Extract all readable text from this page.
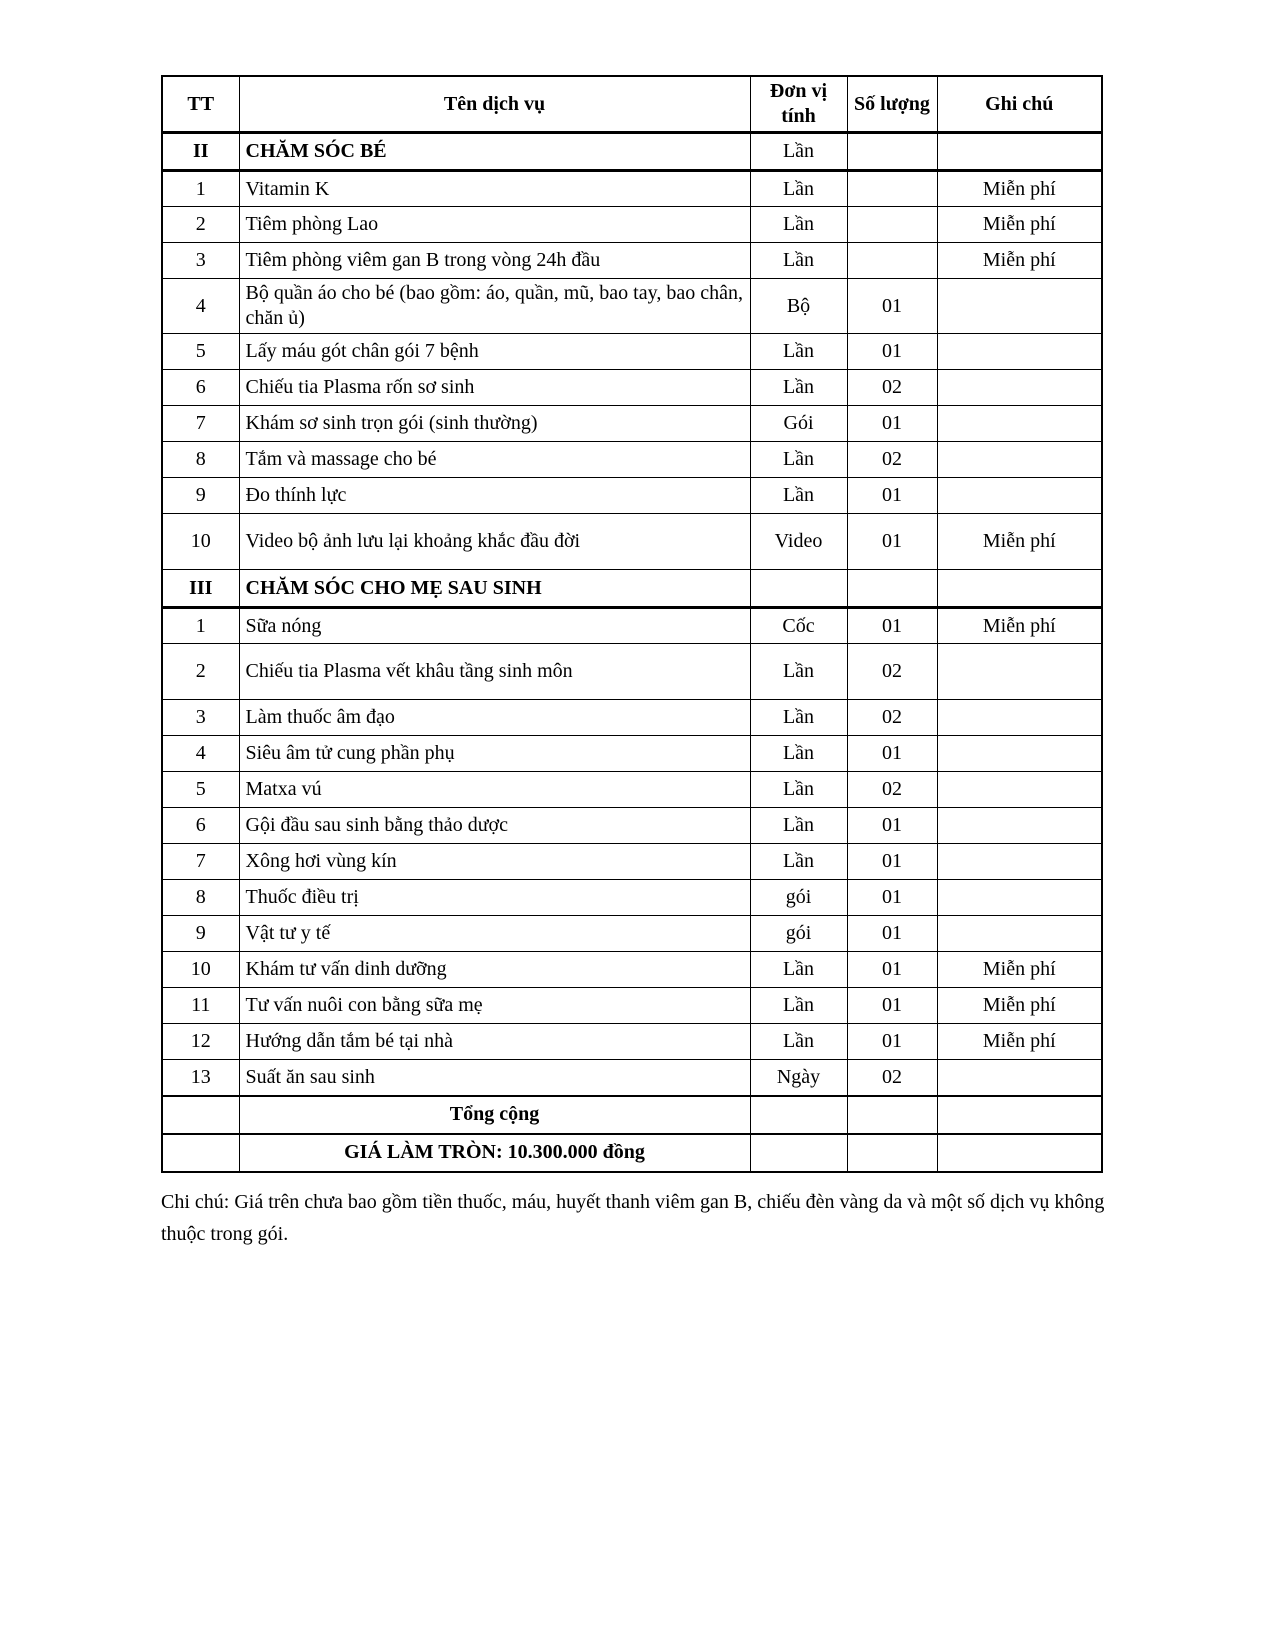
TT	Tên dịch vụ	Đơn vị tính	Số lượng	Ghi chú
II	CHĂM SÓC BÉ	Lần		
1	Vitamin K	Lần		Miễn phí
2	Tiêm phòng Lao	Lần		Miễn phí
3	Tiêm phòng viêm gan B trong vòng 24h đầu	Lần		Miễn phí
4	Bộ quần áo cho bé (bao gồm: áo, quần, mũ, bao tay, bao chân, chăn ủ)	Bộ	01	
5	Lấy máu gót chân gói 7 bệnh	Lần	01	
6	Chiếu tia Plasma rốn sơ sinh	Lần	02	
7	Khám sơ sinh trọn gói (sinh thường)	Gói	01	
8	Tắm và massage cho bé	Lần	02	
9	Đo thính lực	Lần	01	
10	Video bộ ảnh lưu lại khoảng khắc đầu đời	Video	01	Miễn phí
III	CHĂM SÓC CHO MẸ SAU SINH			
1	Sữa nóng	Cốc	01	Miễn phí
2	Chiếu tia Plasma vết khâu tầng sinh môn	Lần	02	
3	Làm thuốc âm đạo	Lần	02	
4	Siêu âm tử cung phần phụ	Lần	01	
5	Matxa vú	Lần	02	
6	Gội đầu sau sinh bằng thảo dược	Lần	01	
7	Xông hơi vùng kín	Lần	01	
8	Thuốc điều trị	gói	01	
9	Vật tư y tế	gói	01	
10	Khám tư vấn dinh dưỡng	Lần	01	Miễn phí
11	Tư vấn nuôi con bằng sữa mẹ	Lần	01	Miễn phí
12	Hướng dẫn tắm bé tại nhà	Lần	01	Miễn phí
13	Suất ăn sau sinh	Ngày	02	
	Tổng cộng			
	GIÁ LÀM TRÒN: 10.300.000 đồng			

Chi chú: Giá trên chưa bao gồm tiền thuốc, máu, huyết thanh viêm gan B, chiếu đèn vàng da và một số dịch vụ không thuộc trong gói.
